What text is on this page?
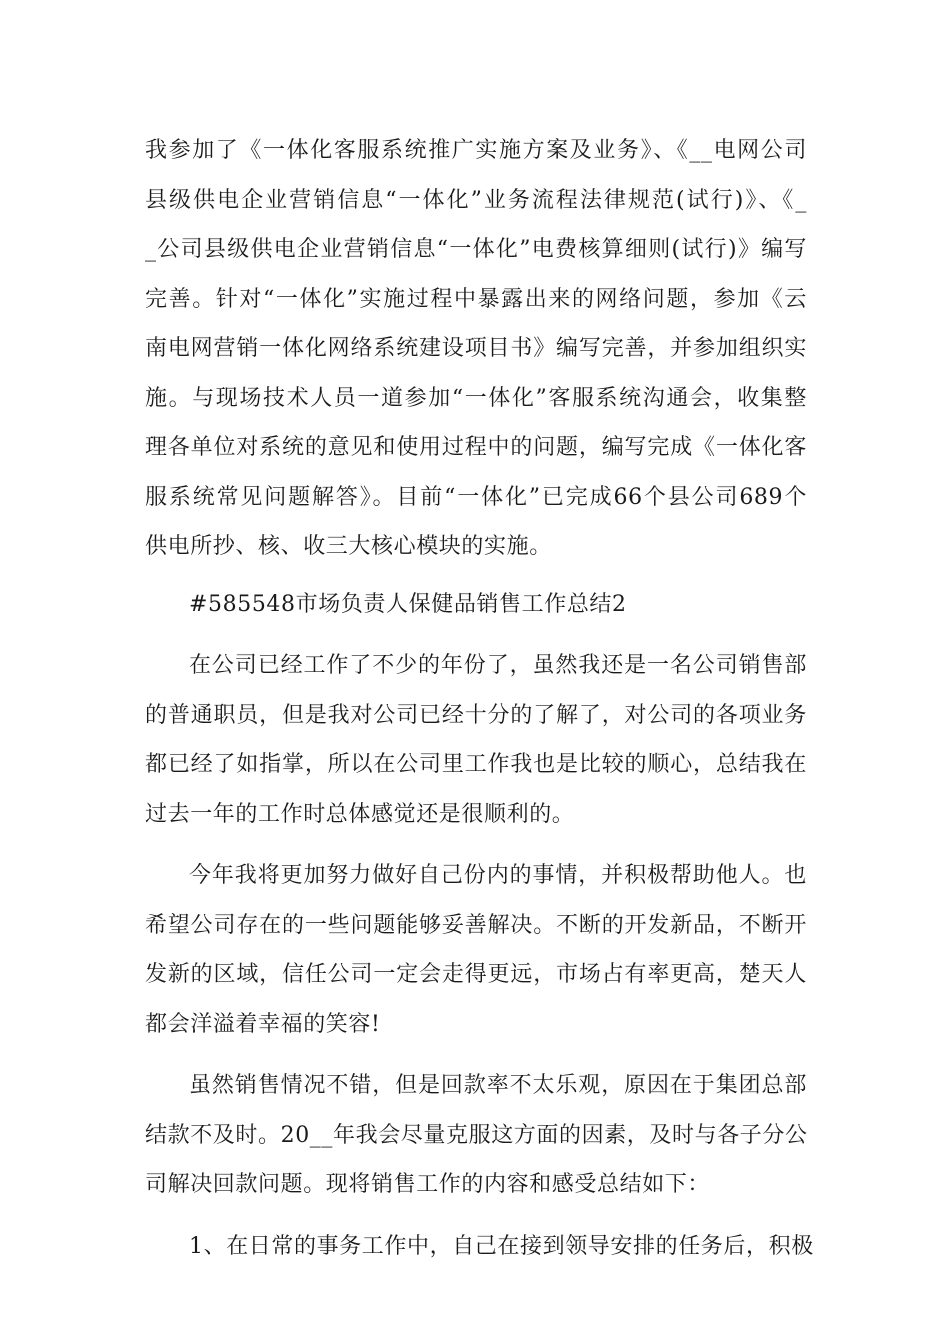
我参加了《一体化客服系统推广实施方案及业务》、《__电网公司
县级供电企业营销信息“一体化”业务流程法律规范(试行)》、《_
_公司县级供电企业营销信息“一体化”电费核算细则(试行)》编写
完善。针对“一体化”实施过程中暴露出来的网络问题，参加《云
南电网营销一体化网络系统建设项目书》编写完善，并参加组织实
施。与现场技术人员一道参加“一体化”客服系统沟通会，收集整
理各单位对系统的意见和使用过程中的问题，编写完成《一体化客
服系统常见问题解答》。目前“一体化”已完成66个县公司689个
供电所抄、核、收三大核心模块的实施。

#585548市场负责人保健品销售工作总结2

在公司已经工作了不少的年份了，虽然我还是一名公司销售部
的普通职员，但是我对公司已经十分的了解了，对公司的各项业务
都已经了如指掌，所以在公司里工作我也是比较的顺心，总结我在
过去一年的工作时总体感觉还是很顺利的。

今年我将更加努力做好自己份内的事情，并积极帮助他人。也
希望公司存在的一些问题能够妥善解决。不断的开发新品，不断开
发新的区域，信任公司一定会走得更远，市场占有率更高，楚天人
都会洋溢着幸福的笑容!

虽然销售情况不错，但是回款率不太乐观，原因在于集团总部
结款不及时。20__年我会尽量克服这方面的因素，及时与各子分公
司解决回款问题。现将销售工作的内容和感受总结如下：

1、在日常的事务工作中，自己在接到领导安排的任务后，积极
